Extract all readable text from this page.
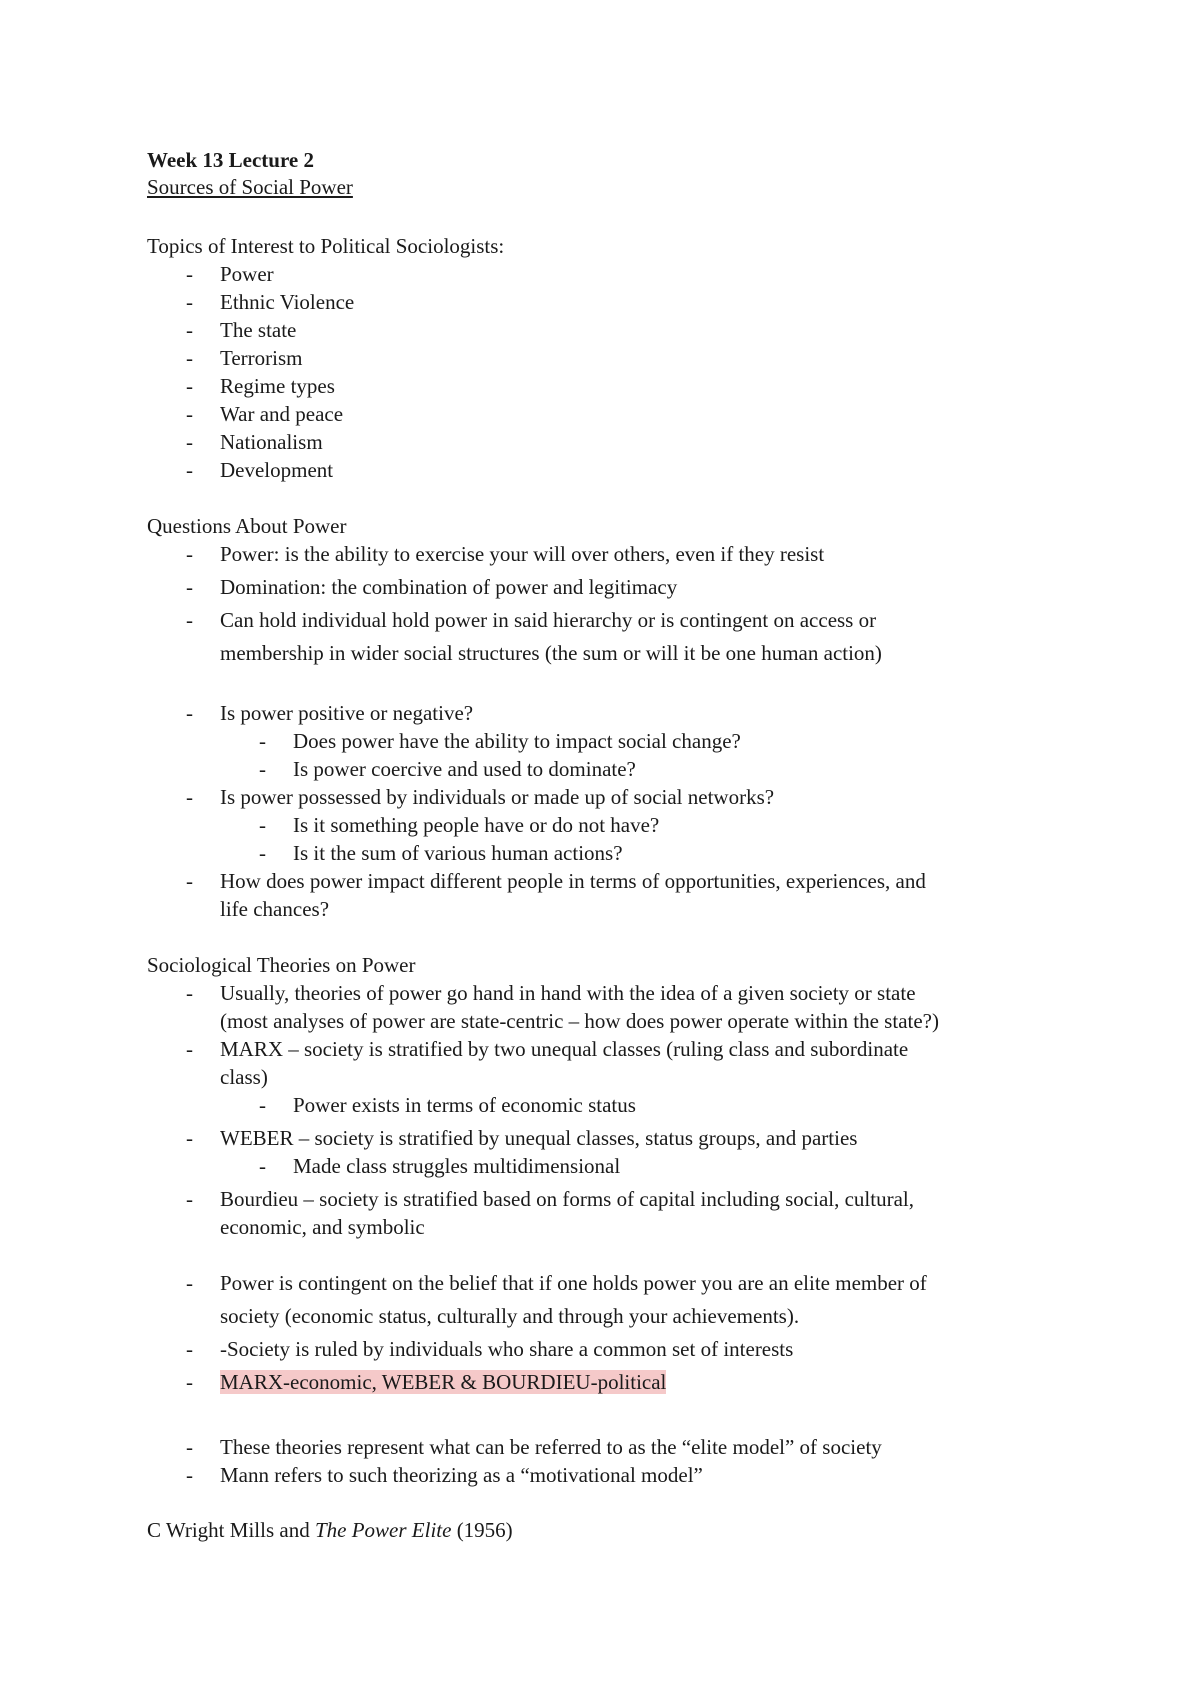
Week 13 Lecture 2
Sources of Social Power
Topics of Interest to Political Sociologists:
- Power
- Ethnic Violence
- The state
- Terrorism
- Regime types
- War and peace
- Nationalism
- Development
Questions About Power
- Power: is the ability to exercise your will over others, even if they resist
- Domination: the combination of power and legitimacy
- Can hold individual hold power in said hierarchy or is contingent on access or
membership in wider social structures (the sum or will it be one human action)
- Is power positive or negative?
- Does power have the ability to impact social change?
- Is power coercive and used to dominate?
- Is power possessed by individuals or made up of social networks?
- Is it something people have or do not have?
- Is it the sum of various human actions?
- How does power impact different people in terms of opportunities, experiences, and
life chances?
Sociological Theories on Power
- Usually, theories of power go hand in hand with the idea of a given society or state
(most analyses of power are state-centric – how does power operate within the state?)
- MARX – society is stratified by two unequal classes (ruling class and subordinate
class)
- Power exists in terms of economic status
- WEBER – society is stratified by unequal classes, status groups, and parties
- Made class struggles multidimensional
- Bourdieu – society is stratified based on forms of capital including social, cultural,
economic, and symbolic
- Power is contingent on the belief that if one holds power you are an elite member of
society (economic status, culturally and through your achievements).
- -Society is ruled by individuals who share a common set of interests
- MARX-economic, WEBER & BOURDIEU-political
- These theories represent what can be referred to as the “elite model” of society
- Mann refers to such theorizing as a “motivational model”
C Wright Mills and The Power Elite (1956)
